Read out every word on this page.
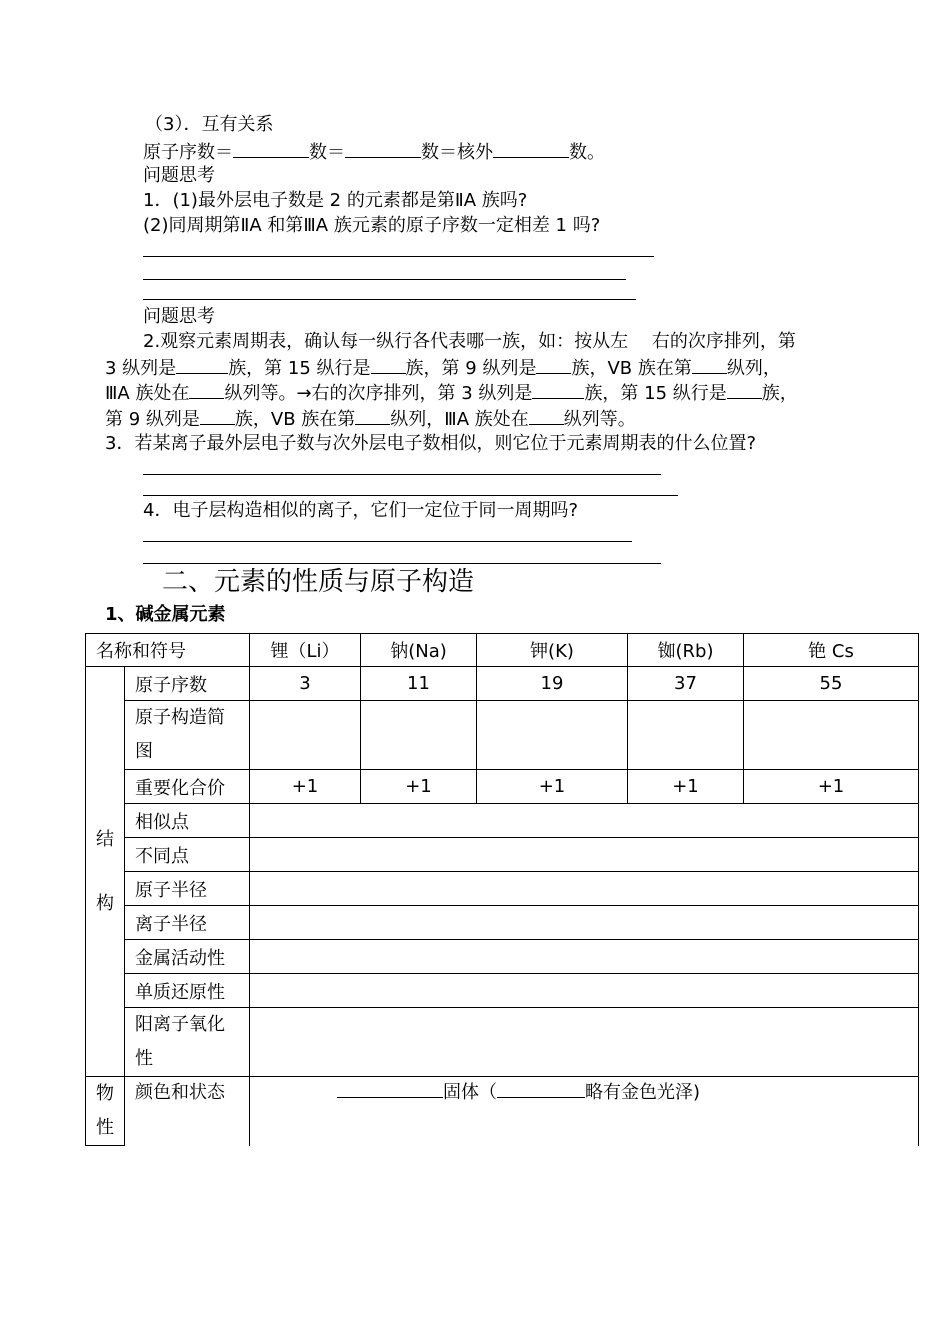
（3）．互有关系
原子序数＝	数＝	数＝核外	数。
问题思考
1．(1)最外层电子数是 2 的元素都是第ⅡA 族吗?
(2)同周期第ⅡA 和第ⅢA 族元素的原子序数一定相差 1 吗?
问题思考
2.观察元素周期表，确认每一纵行各代表哪一族，如：按从左　 右的次序排列，第
3 纵列是	族，第 15 纵行是 族，第 9 纵列是 族，ⅤB 族在第 纵列，
ⅢA 族处在 纵列等。→右的次序排列，第 3 纵列是	族，第 15 纵行是 族，
第 9 纵列是 族，ⅤB 族在第 纵列，ⅢA 族处在 纵列等。
3．若某离子最外层电子数与次外层电子数相似，则它位于元素周期表的什么位置?
4．电子层构造相似的离子，它们一定位于同一周期吗?
二、元素的性质与原子构造
1、碱金属元素
名称和符号		锂（Li）	钠(Na)	钾(K)	铷(Rb)	铯 Cs

结
构	原子序数	3	11	19	37	55

	原子构造简
图					

	重要化合价	+1	+1	+1	+1	+1
	相似点					
	不同点					
	原子半径					
	离子半径					
	金属活动性					
	单质还原性					

	阳离子氧化
性					

物
性	颜色和状态	固体（ 略有金色光泽)				
